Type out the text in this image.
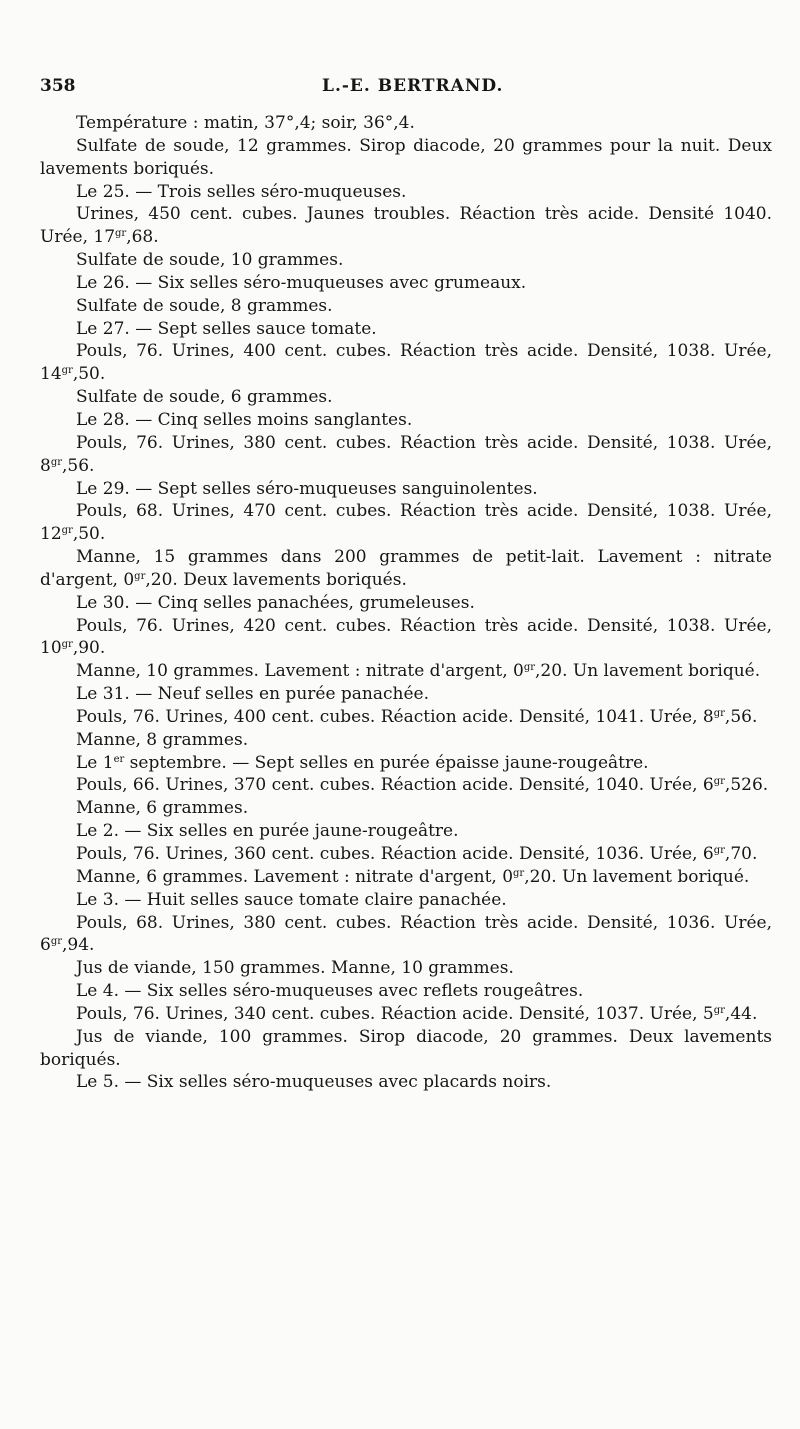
358	L.-E. BERTRAND.

Température : matin, 37°,4; soir, 36°,4.

Sulfate de soude, 12 grammes. Sirop diacode, 20 grammes pour la nuit. Deux lavements boriqués.

Le 25. — Trois selles séro-muqueuses.

Urines, 450 cent. cubes. Jaunes troubles. Réaction très acide. Densité 1040. Urée, $17^{gr},68$.

Sulfate de soude, 10 grammes.

Le 26. — Six selles séro-muqueuses avec grumeaux.

Sulfate de soude, 8 grammes.

Le 27. — Sept selles sauce tomate.

Pouls, 76. Urines, 400 cent. cubes. Réaction très acide. Densité, 1038. Urée, $14^{gr},50$.

Sulfate de soude, 6 grammes.

Le 28. — Cinq selles moins sanglantes.

Pouls, 76. Urines, 380 cent. cubes. Réaction très acide. Densité, 1038. Urée, $8^{gr},56$.

Le 29. — Sept selles séro-muqueuses sanguinolentes.

Pouls, 68. Urines, 470 cent. cubes. Réaction très acide. Densité, 1038. Urée, $12^{gr},50$.

Manne, 15 grammes dans 200 grammes de petit-lait. Lavement : nitrate d'argent, $0^{gr},20$. Deux lavements boriqués.

Le 30. — Cinq selles panachées, grumeleuses.

Pouls, 76. Urines, 420 cent. cubes. Réaction très acide. Densité, 1038. Urée, $10^{gr},90$.

Manne, 10 grammes. Lavement : nitrate d'argent, $0^{gr},20$. Un lavement boriqué.

Le 31. — Neuf selles en purée panachée.

Pouls, 76. Urines, 400 cent. cubes. Réaction acide. Densité, 1041. Urée, $8^{gr},56$.

Manne, 8 grammes.

Le 1er septembre. — Sept selles en purée épaisse jaune-rougeâtre.

Pouls, 66. Urines, 370 cent. cubes. Réaction acide. Densité, 1040. Urée, $6^{gr},526$.

Manne, 6 grammes.

Le 2. — Six selles en purée jaune-rougeâtre.

Pouls, 76. Urines, 360 cent. cubes. Réaction acide. Densité, 1036. Urée, $6^{gr},70$.

Manne, 6 grammes. Lavement : nitrate d'argent, $0^{gr},20$. Un lavement boriqué.

Le 3. — Huit selles sauce tomate claire panachée.

Pouls, 68. Urines, 380 cent. cubes. Réaction très acide. Densité, 1036. Urée, $6^{gr},94$.

Jus de viande, 150 grammes. Manne, 10 grammes.

Le 4. — Six selles séro-muqueuses avec reflets rougeâtres.

Pouls, 76. Urines, 340 cent. cubes. Réaction acide. Densité, 1037. Urée, $5^{gr},44$.

Jus de viande, 100 grammes. Sirop diacode, 20 grammes. Deux lavements boriqués.

Le 5. — Six selles séro-muqueuses avec placards noirs.
